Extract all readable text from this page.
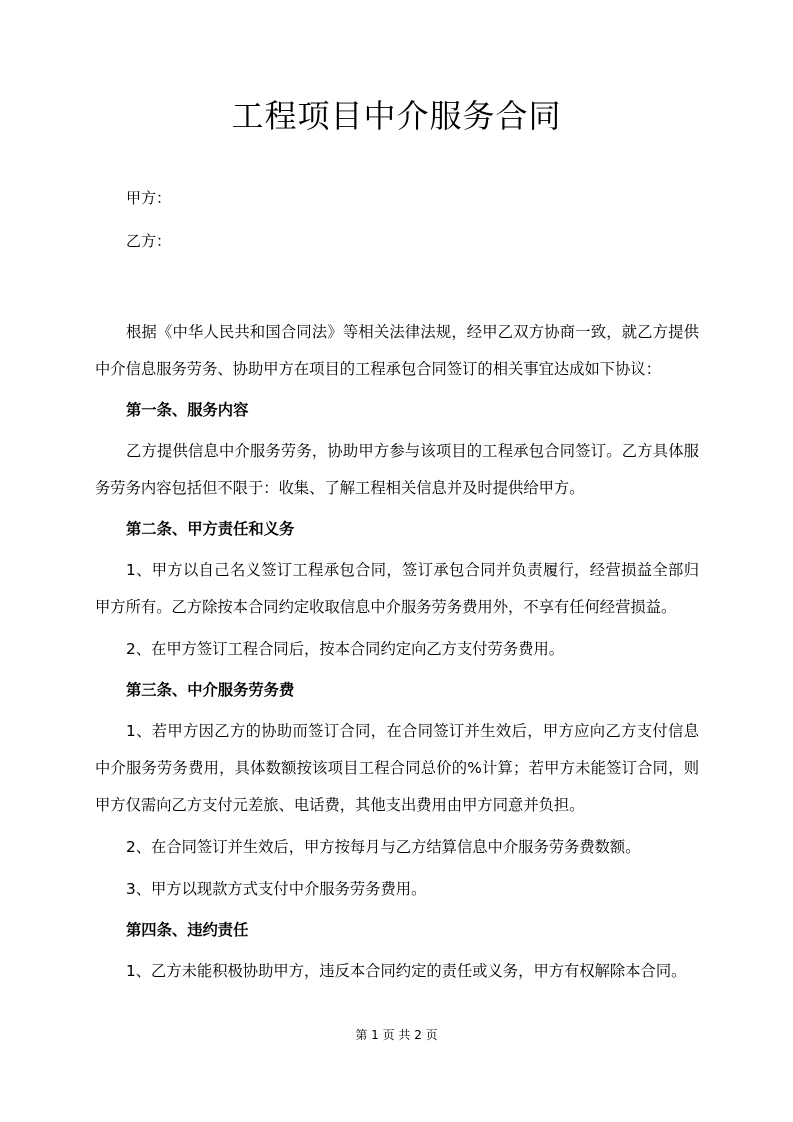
工程项目中介服务合同
甲方：
乙方：

根据《中华人民共和国合同法》等相关法律法规，经甲乙双方协商一致，就乙方提供中介信息服务劳务、协助甲方在项目的工程承包合同签订的相关事宜达成如下协议：

第一条、服务内容

乙方提供信息中介服务劳务，协助甲方参与该项目的工程承包合同签订。乙方具体服务劳务内容包括但不限于：收集、了解工程相关信息并及时提供给甲方。

第二条、甲方责任和义务

1、甲方以自己名义签订工程承包合同，签订承包合同并负责履行，经营损益全部归甲方所有。乙方除按本合同约定收取信息中介服务劳务费用外，不享有任何经营损益。

2、在甲方签订工程合同后，按本合同约定向乙方支付劳务费用。

第三条、中介服务劳务费

1、若甲方因乙方的协助而签订合同，在合同签订并生效后，甲方应向乙方支付信息中介服务劳务费用，具体数额按该项目工程合同总价的%计算；若甲方未能签订合同，则甲方仅需向乙方支付元差旅、电话费，其他支出费用由甲方同意并负担。

2、在合同签订并生效后，甲方按每月与乙方结算信息中介服务劳务费数额。

3、甲方以现款方式支付中介服务劳务费用。

第四条、违约责任

1、乙方未能积极协助甲方，违反本合同约定的责任或义务，甲方有权解除本合同。

第 1 页 共 2 页
